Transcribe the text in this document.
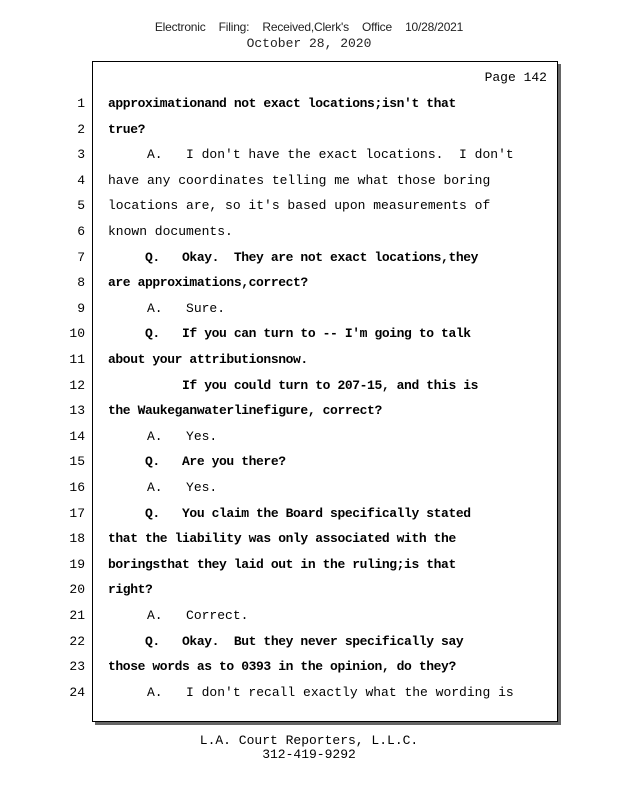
Electronic Filing: Received,Clerk's Office 10/28/2021
October 28, 2020
Page 142
1 approximationand not exact locations;isn't that
2 true?
3 A.   I don't have the exact locations.  I don't
4 have any coordinates telling me what those boring
5 locations are, so it's based upon measurements of
6 known documents.
7 Q.   Okay.  They are not exact locations,they
8 are approximations,correct?
9 A.   Sure.
10 Q.   If you can turn to -- I'm going to talk
11 about your attributionsnow.
12 If you could turn to 207-15, and this is
13 the Waukeganwaterlinefigure, correct?
14 A.   Yes.
15 Q.   Are you there?
16 A.   Yes.
17 Q.   You claim the Board specifically stated
18 that the liability was only associated with the
19 boringsthat they laid out in the ruling;is that
20 right?
21 A.   Correct.
22 Q.   Okay.  But they never specifically say
23 those words as to 0393 in the opinion, do they?
24 A.   I don't recall exactly what the wording is
L.A. Court Reporters, L.L.C.
312-419-9292
